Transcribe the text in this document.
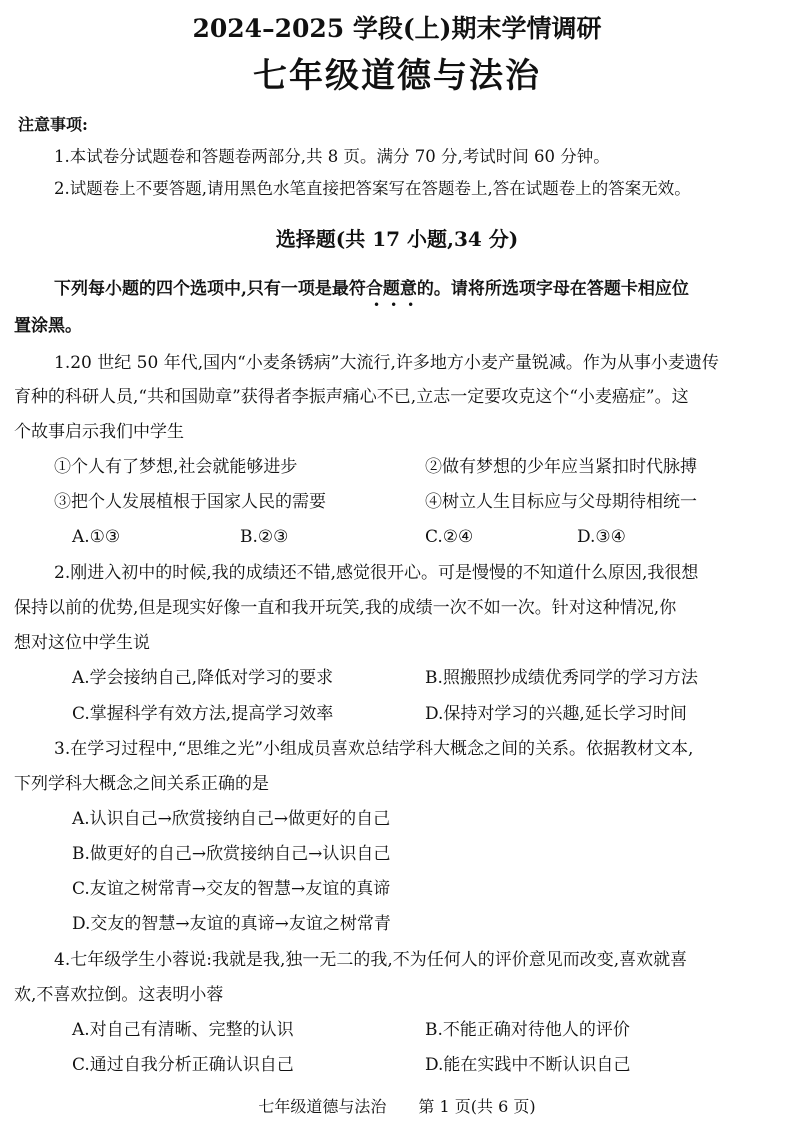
2024–2025 学段(上)期末学情调研
七年级道德与法治
注意事项:
1.本试卷分试题卷和答题卷两部分,共 8 页。满分 70 分,考试时间 60 分钟。
2.试题卷上不要答题,请用黑色水笔直接把答案写在答题卷上,答在试题卷上的答案无效。
选择题(共 17 小题,34 分)
下列每小题的四个选项中,只有一项是最符合题意的。请将所选项字母在答题卡相应位
•••
置涂黑。
1.20 世纪 50 年代,国内“小麦条锈病”大流行,许多地方小麦产量锐减。作为从事小麦遗传
育种的科研人员,“共和国勋章”获得者李振声痛心不已,立志一定要攻克这个“小麦癌症”。这
个故事启示我们中学生
①个人有了梦想,社会就能够进步	②做有梦想的少年应当紧扣时代脉搏
③把个人发展植根于国家人民的需要	④树立人生目标应与父母期待相统一
A.①③	B.②③	C.②④	D.③④
2.刚进入初中的时候,我的成绩还不错,感觉很开心。可是慢慢的不知道什么原因,我很想
保持以前的优势,但是现实好像一直和我开玩笑,我的成绩一次不如一次。针对这种情况,你
想对这位中学生说
A.学会接纳自己,降低对学习的要求	B.照搬照抄成绩优秀同学的学习方法
C.掌握科学有效方法,提高学习效率	D.保持对学习的兴趣,延长学习时间
3.在学习过程中,“思维之光”小组成员喜欢总结学科大概念之间的关系。依据教材文本,
下列学科大概念之间关系正确的是
A.认识自己→欣赏接纳自己→做更好的自己
B.做更好的自己→欣赏接纳自己→认识自己
C.友谊之树常青→交友的智慧→友谊的真谛
D.交友的智慧→友谊的真谛→友谊之树常青
4.七年级学生小蓉说:我就是我,独一无二的我,不为任何人的评价意见而改变,喜欢就喜
欢,不喜欢拉倒。这表明小蓉
A.对自己有清晰、完整的认识	B.不能正确对待他人的评价
C.通过自我分析正确认识自己	D.能在实践中不断认识自己
七年级道德与法治　　第 1 页(共 6 页)
